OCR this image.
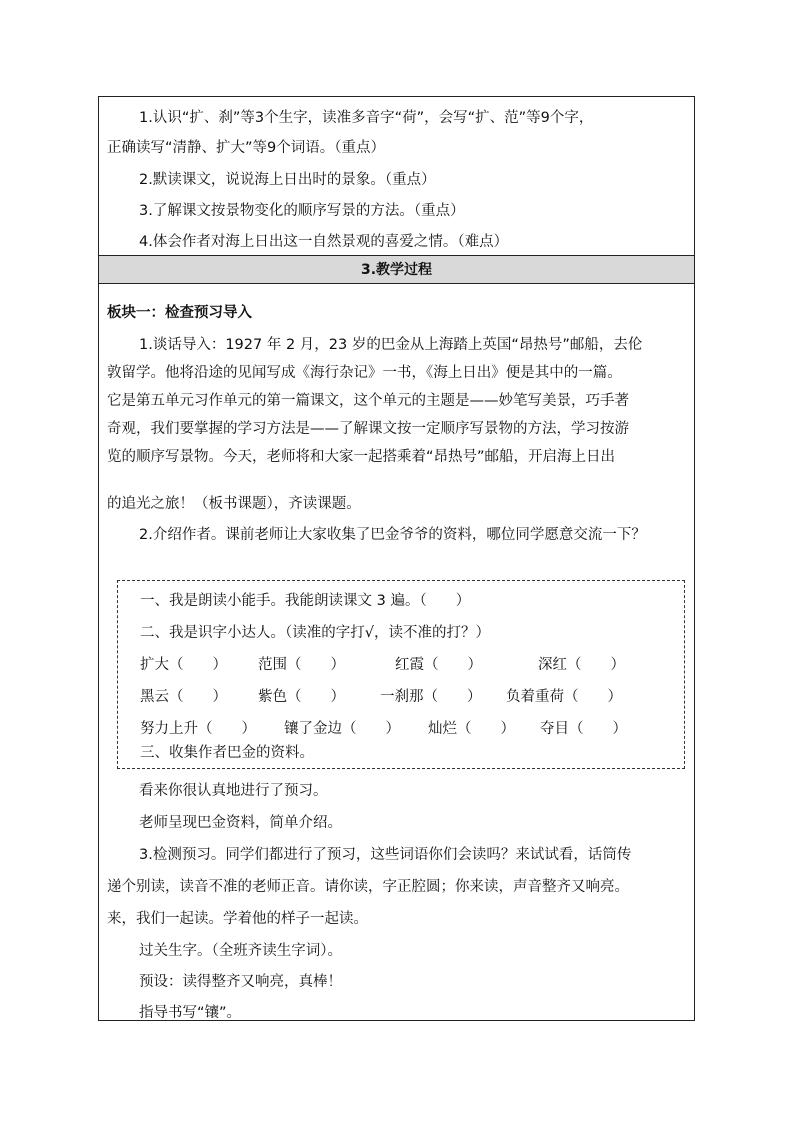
1.认识“扩、刹”等3个生字，读准多音字“荷”，会写“扩、范”等9个字，
正确读写“清静、扩大”等9个词语。（重点）
2.默读课文，说说海上日出时的景象。（重点）
3.了解课文按景物变化的顺序写景的方法。（重点）
4.体会作者对海上日出这一自然景观的喜爱之情。（难点）
3.教学过程
板块一：检查预习导入
1.谈话导入：1927 年 2 月，23 岁的巴金从上海踏上英国“昂热号”邮船，去伦
敦留学。他将沿途的见闻写成《海行杂记》一书，《海上日出》便是其中的一篇。
它是第五单元习作单元的第一篇课文，这个单元的主题是——妙笔写美景，巧手著
奇观，我们要掌握的学习方法是——了解课文按一定顺序写景物的方法，学习按游
览的顺序写景物。今天，老师将和大家一起搭乘着“昂热号”邮船，开启海上日出
的追光之旅！（板书课题），齐读课题。
2.介绍作者。课前老师让大家收集了巴金爷爷的资料，哪位同学愿意交流一下？
一、我是朗读小能手。我能朗读课文 3 遍。（　　）
二、我是识字小达人。（读准的字打√，读不准的打？）
扩大（　　） 范围（　　）	红霞（　　）	深红（　　）
黑云（　　） 紫色（　　） 一刹那（　　） 负着重荷（　　）
努力上升（　　） 镶了金边（　　） 灿烂（　　） 夺目（　　）
三、收集作者巴金的资料。
看来你很认真地进行了预习。
老师呈现巴金资料，简单介绍。
3.检测预习。同学们都进行了预习，这些词语你们会读吗？来试试看，话筒传
递个别读，读音不准的老师正音。请你读，字正腔圆；你来读，声音整齐又响亮。
来，我们一起读。学着他的样子一起读。
过关生字。（全班齐读生字词）。
预设：读得整齐又响亮，真棒！
指导书写“镶”。
